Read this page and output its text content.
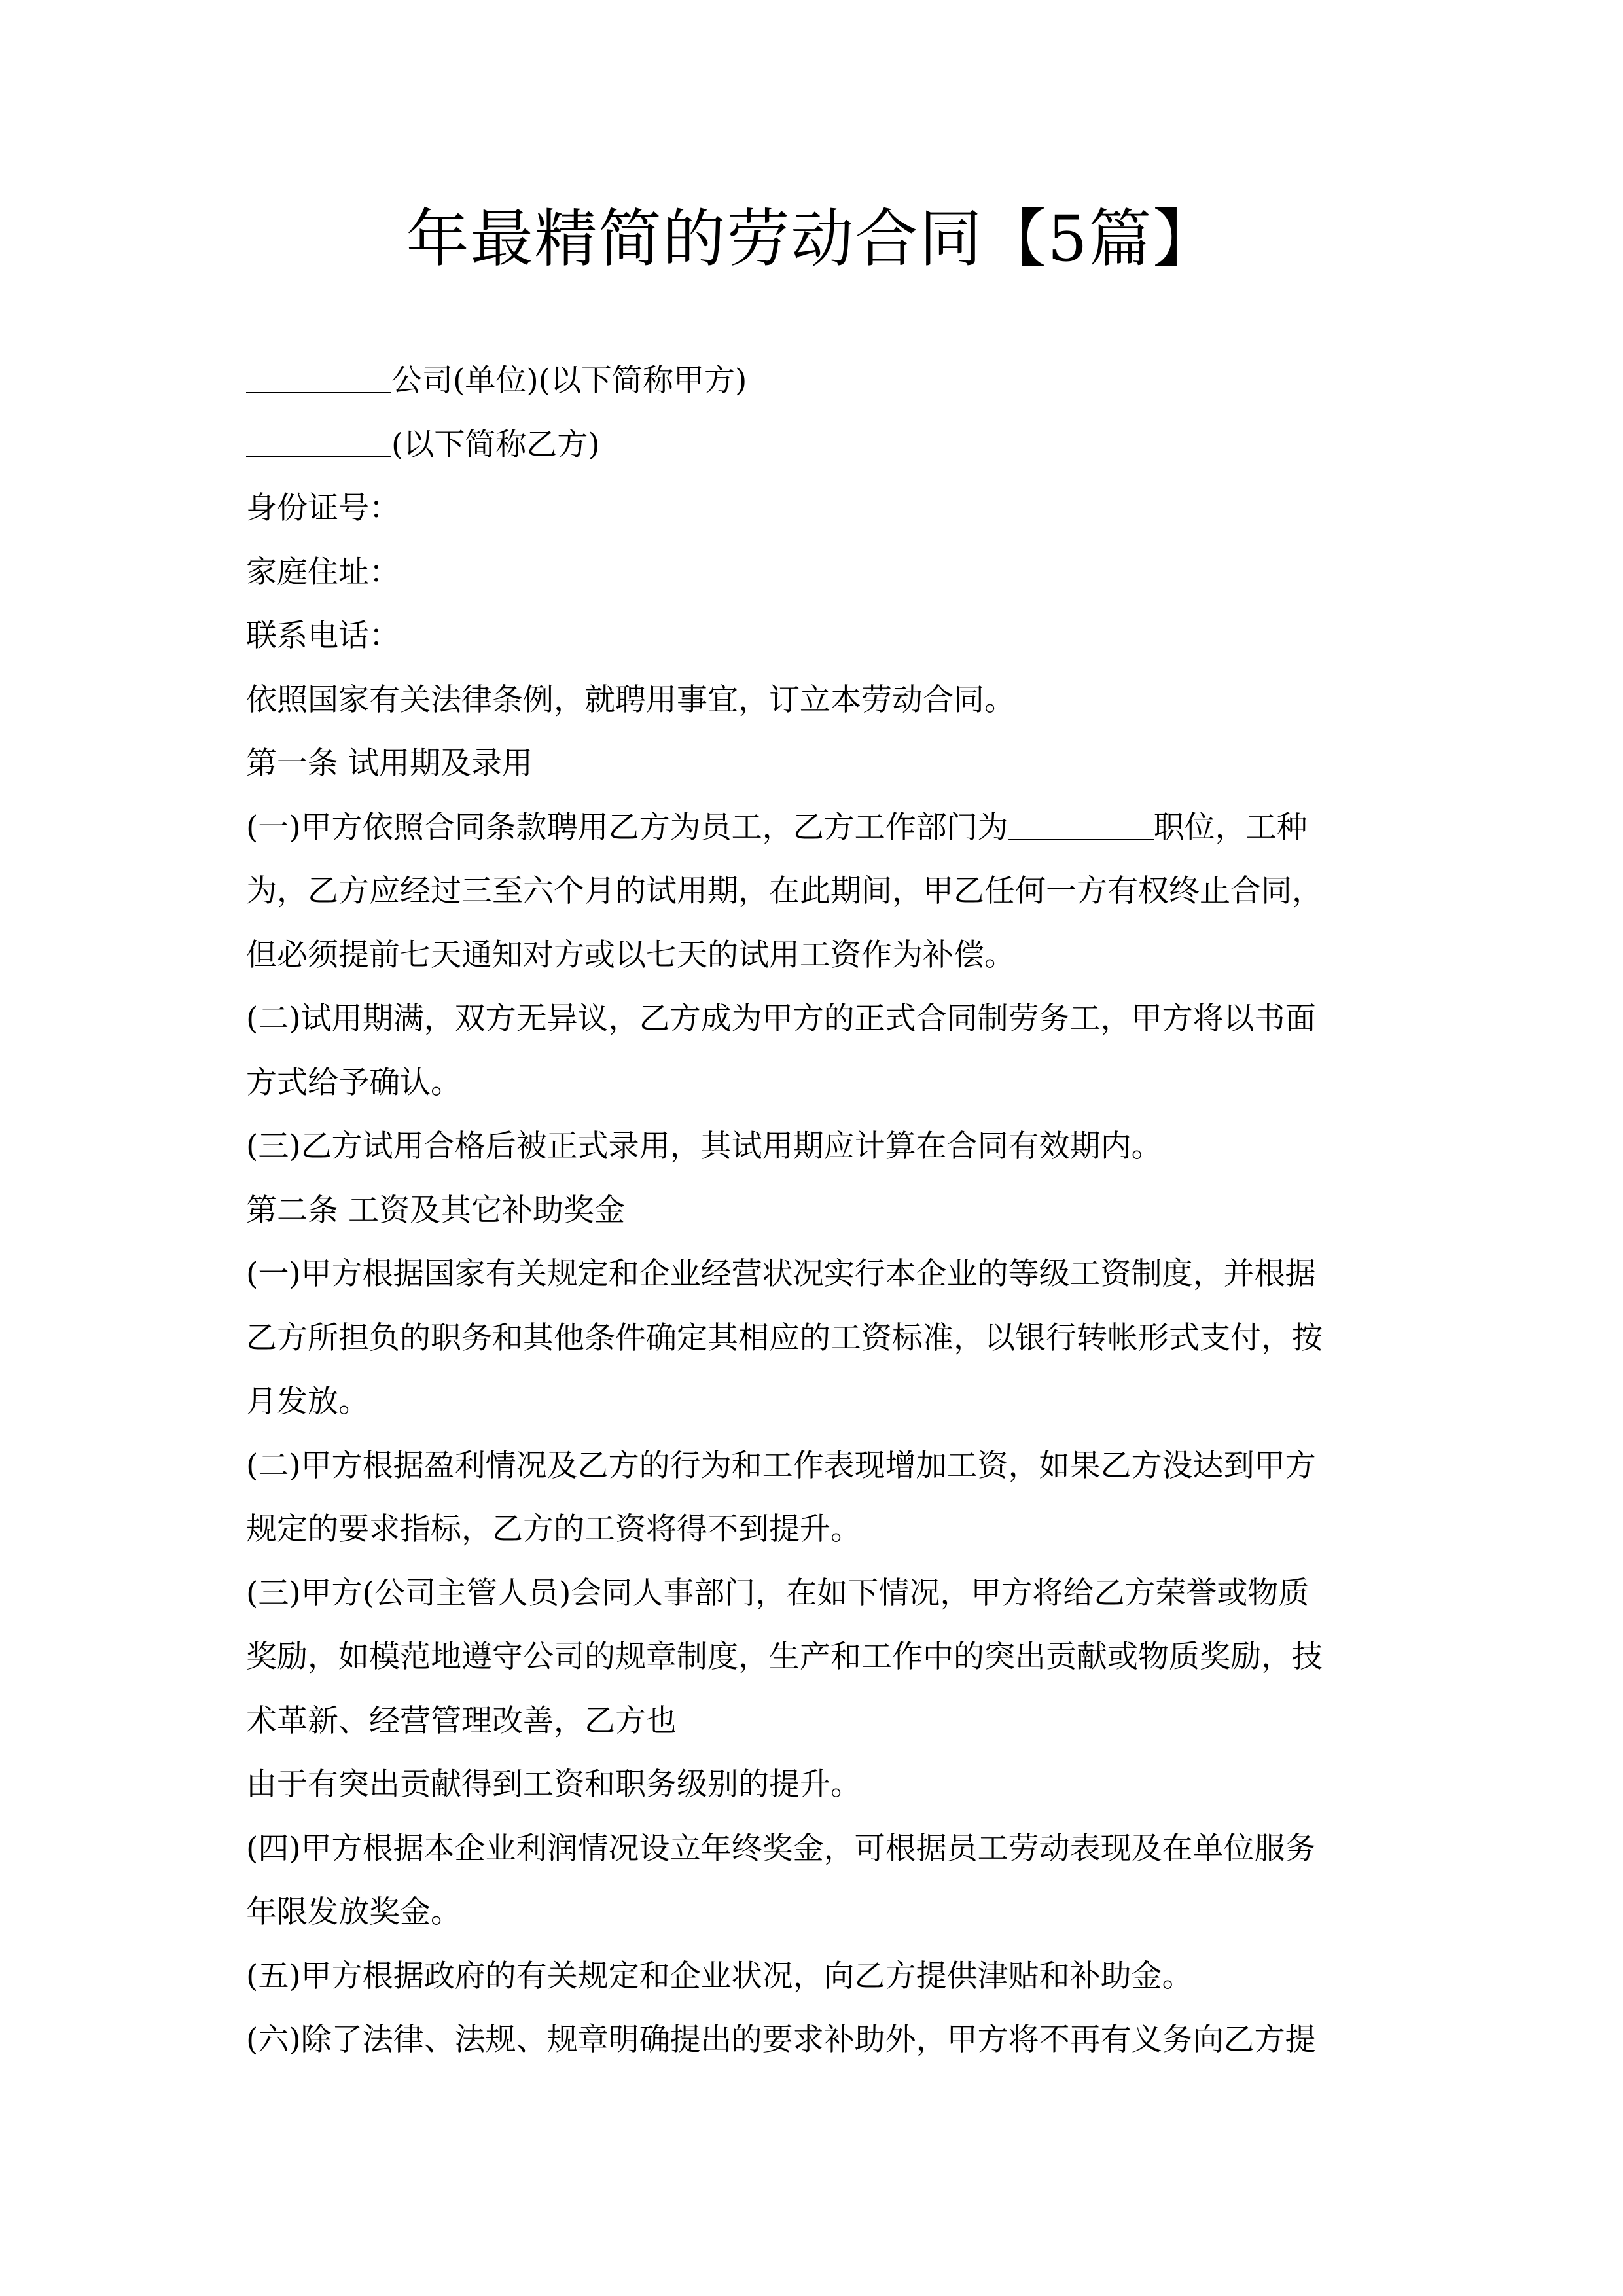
年最精简的劳动合同【5篇】
公司(单位)(以下简称甲方)
(以下简称乙方)
身份证号：
家庭住址：
联系电话：
依照国家有关法律条例，就聘用事宜，订立本劳动合同。
第一条 试用期及录用
(一)甲方依照合同条款聘用乙方为员工，乙方工作部门为	职位，工种
为，乙方应经过三至六个月的试用期，在此期间，甲乙任何一方有权终止合同，
但必须提前七天通知对方或以七天的试用工资作为补偿。
(二)试用期满，双方无异议，乙方成为甲方的正式合同制劳务工，甲方将以书面
方式给予确认。
(三)乙方试用合格后被正式录用，其试用期应计算在合同有效期内。
第二条 工资及其它补助奖金
(一)甲方根据国家有关规定和企业经营状况实行本企业的等级工资制度，并根据
乙方所担负的职务和其他条件确定其相应的工资标准，以银行转帐形式支付，按
月发放。
(二)甲方根据盈利情况及乙方的行为和工作表现增加工资，如果乙方没达到甲方
规定的要求指标，乙方的工资将得不到提升。
(三)甲方(公司主管人员)会同人事部门，在如下情况，甲方将给乙方荣誉或物质
奖励，如模范地遵守公司的规章制度，生产和工作中的突出贡献或物质奖励，技
术革新、经营管理改善，乙方也
由于有突出贡献得到工资和职务级别的提升。
(四)甲方根据本企业利润情况设立年终奖金，可根据员工劳动表现及在单位服务
年限发放奖金。
(五)甲方根据政府的有关规定和企业状况，向乙方提供津贴和补助金。
(六)除了法律、法规、规章明确提出的要求补助外，甲方将不再有义务向乙方提
